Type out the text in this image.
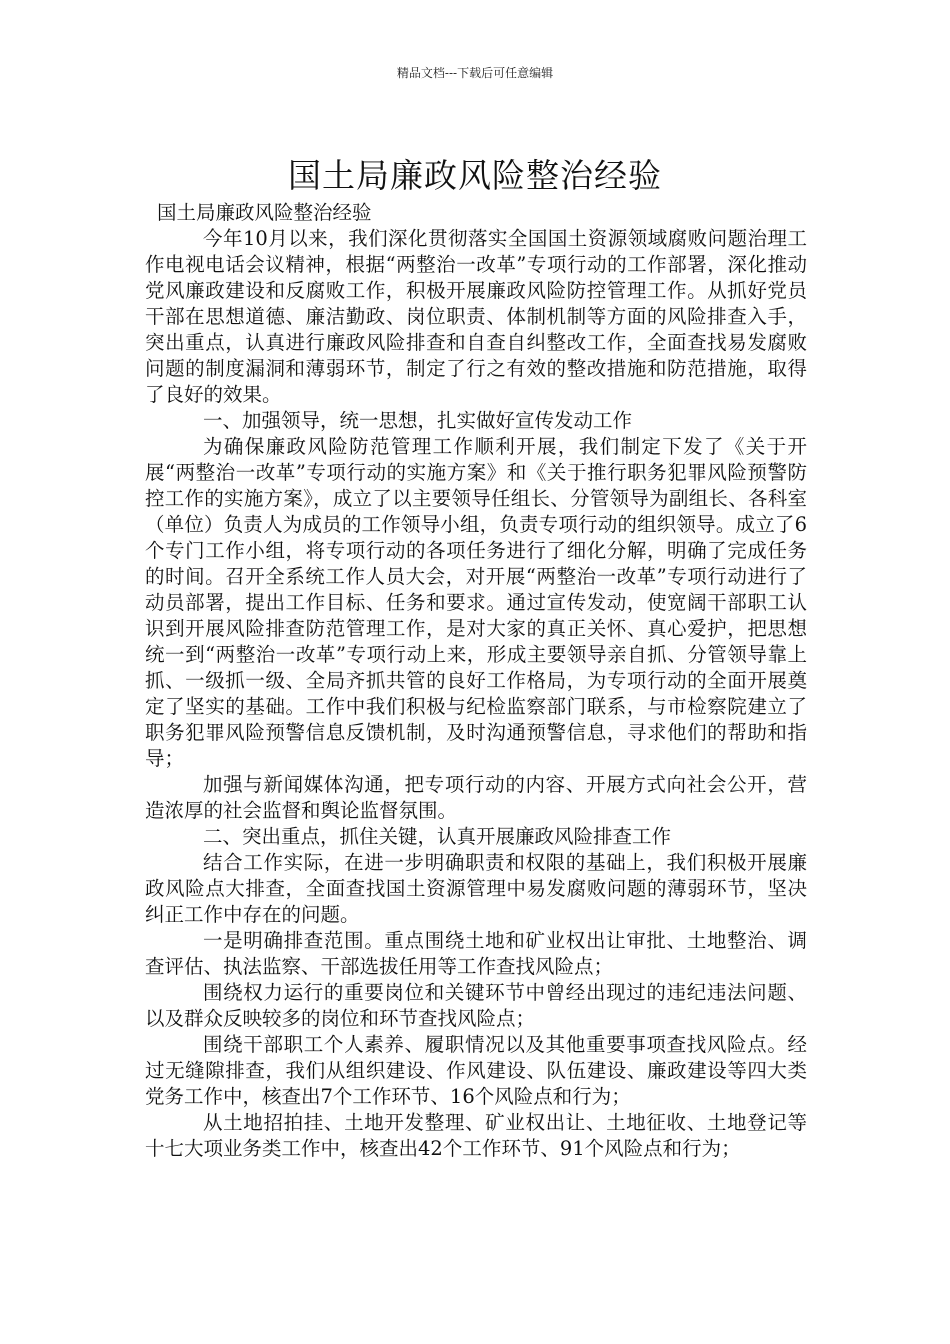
精品文档---下载后可任意编辑
国土局廉政风险整治经验

国土局廉政风险整治经验

今年10月以来，我们深化贯彻落实全国国土资源领域腐败问题治理工作电视电话会议精神，根据“两整治一改革”专项行动的工作部署，深化推动党风廉政建设和反腐败工作，积极开展廉政风险防控管理工作。从抓好党员干部在思想道德、廉洁勤政、岗位职责、体制机制等方面的风险排查入手，突出重点，认真进行廉政风险排查和自查自纠整改工作，全面查找易发腐败问题的制度漏洞和薄弱环节，制定了行之有效的整改措施和防范措施，取得了良好的效果。

一、加强领导，统一思想，扎实做好宣传发动工作

为确保廉政风险防范管理工作顺利开展，我们制定下发了《关于开展“两整治一改革”专项行动的实施方案》和《关于推行职务犯罪风险预警防控工作的实施方案》，成立了以主要领导任组长、分管领导为副组长、各科室（单位）负责人为成员的工作领导小组，负责专项行动的组织领导。成立了6个专门工作小组，将专项行动的各项任务进行了细化分解，明确了完成任务的时间。召开全系统工作人员大会，对开展“两整治一改革”专项行动进行了动员部署，提出工作目标、任务和要求。通过宣传发动，使宽阔干部职工认识到开展风险排查防范管理工作，是对大家的真正关怀、真心爱护，把思想统一到“两整治一改革”专项行动上来，形成主要领导亲自抓、分管领导靠上抓、一级抓一级、全局齐抓共管的良好工作格局，为专项行动的全面开展奠定了坚实的基础。工作中我们积极与纪检监察部门联系，与市检察院建立了职务犯罪风险预警信息反馈机制，及时沟通预警信息，寻求他们的帮助和指导；

加强与新闻媒体沟通，把专项行动的内容、开展方式向社会公开，营造浓厚的社会监督和舆论监督氛围。

二、突出重点，抓住关键，认真开展廉政风险排查工作

结合工作实际，在进一步明确职责和权限的基础上，我们积极开展廉政风险点大排查，全面查找国土资源管理中易发腐败问题的薄弱环节，坚决纠正工作中存在的问题。

一是明确排查范围。重点围绕土地和矿业权出让审批、土地整治、调查评估、执法监察、干部选拔任用等工作查找风险点；

围绕权力运行的重要岗位和关键环节中曾经出现过的违纪违法问题、以及群众反映较多的岗位和环节查找风险点；

围绕干部职工个人素养、履职情况以及其他重要事项查找风险点。经过无缝隙排查，我们从组织建设、作风建设、队伍建设、廉政建设等四大类党务工作中，核查出7个工作环节、16个风险点和行为；

从土地招拍挂、土地开发整理、矿业权出让、土地征收、土地登记等十七大项业务类工作中，核查出42个工作环节、91个风险点和行为；
